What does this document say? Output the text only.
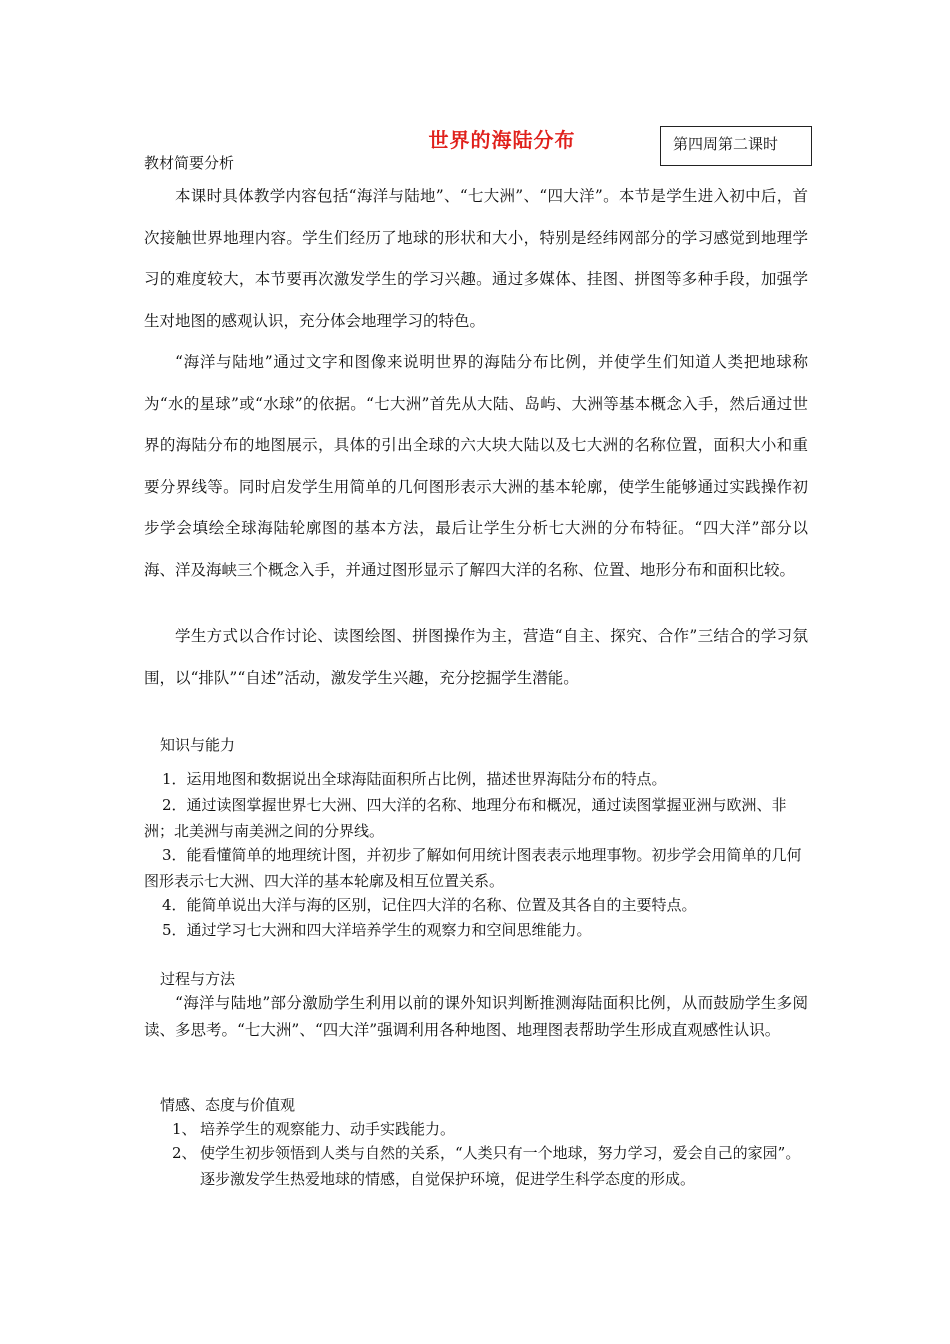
世界的海陆分布	第四周第二课时
教材简要分析
本课时具体教学内容包括“海洋与陆地”、“七大洲”、“四大洋”。本节是学生进入初中后，首次接触世界地理内容。学生们经历了地球的形状和大小，特别是经纬网部分的学习感觉到地理学习的难度较大，本节要再次激发学生的学习兴趣。通过多媒体、挂图、拼图等多种手段，加强学生对地图的感观认识，充分体会地理学习的特色。
“海洋与陆地”通过文字和图像来说明世界的海陆分布比例，并使学生们知道人类把地球称为“水的星球”或“水球”的依据。“七大洲”首先从大陆、岛屿、大洲等基本概念入手，然后通过世界的海陆分布的地图展示，具体的引出全球的六大块大陆以及七大洲的名称位置，面积大小和重要分界线等。同时启发学生用简单的几何图形表示大洲的基本轮廓，使学生能够通过实践操作初步学会填绘全球海陆轮廓图的基本方法，最后让学生分析七大洲的分布特征。“四大洋”部分以海、洋及海峡三个概念入手，并通过图形显示了解四大洋的名称、位置、地形分布和面积比较。
学生方式以合作讨论、读图绘图、拼图操作为主，营造“自主、探究、合作”三结合的学习氛围，以“排队”“自述”活动，激发学生兴趣，充分挖掘学生潜能。
知识与能力
1．运用地图和数据说出全球海陆面积所占比例，描述世界海陆分布的特点。
2．通过读图掌握世界七大洲、四大洋的名称、地理分布和概况，通过读图掌握亚洲与欧洲、非洲；北美洲与南美洲之间的分界线。
3．能看懂简单的地理统计图，并初步了解如何用统计图表表示地理事物。初步学会用简单的几何图形表示七大洲、四大洋的基本轮廓及相互位置关系。
4．能简单说出大洋与海的区别，记住四大洋的名称、位置及其各自的主要特点。
5．通过学习七大洲和四大洋培养学生的观察力和空间思维能力。
过程与方法
“海洋与陆地”部分激励学生利用以前的课外知识判断推测海陆面积比例，从而鼓励学生多阅读、多思考。“七大洲”、“四大洋”强调利用各种地图、地理图表帮助学生形成直观感性认识。
情感、态度与价值观
1、 培养学生的观察能力、动手实践能力。
2、 使学生初步领悟到人类与自然的关系，“人类只有一个地球，努力学习，爱会自己的家园”。逐步激发学生热爱地球的情感，自觉保护环境，促进学生科学态度的形成。
